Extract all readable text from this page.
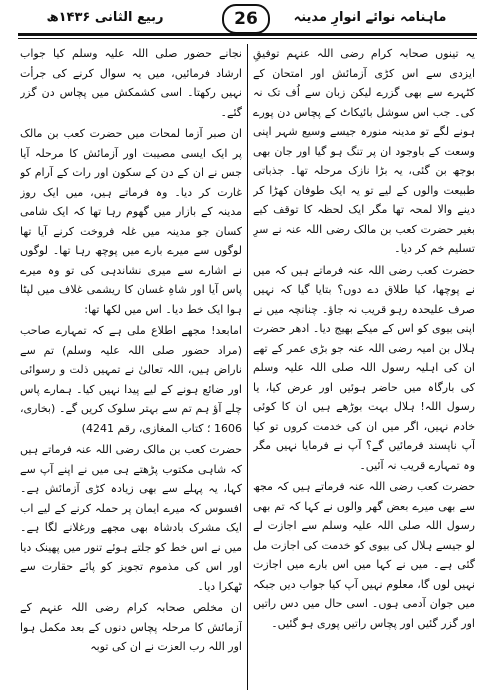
ربیع الثانی ۱۴۳۶ھ	26	ماہنامہ نوائے انوارِ مدینہ

یہ تینوں صحابہ کرام رضی اللہ عنہم توفیقِ ایزدی سے اس کڑی آزمائش اور امتحان کے کٹہرے سے بھی گزرے لیکن زبان سے اُف تک نہ کی۔ جب اس سوشل بائیکاٹ کے پچاس دن پورے ہونے لگے تو مدینہ منورہ جیسے وسیع شہر اپنی وسعت کے باوجود ان پر تنگ ہو گیا اور جان بھی بوجھ بن گئی، یہ بڑا نازک مرحلہ تھا۔ جذباتی طبیعت والوں کے لیے تو یہ ایک طوفان کھڑا کر دینے والا لمحہ تھا مگر ایک لحظہ کا توقف کیے بغیر حضرت کعب بن مالک رضی اللہ عنہ نے سرِ تسلیم خم کر دیا۔

حضرت کعب رضی اللہ عنہ فرماتے ہیں کہ میں نے پوچھا، کیا طلاق دے دوں؟ بتایا گیا کہ نہیں صرف علیحدہ رہو قریب نہ جاؤ۔ چنانچہ میں نے اپنی بیوی کو اس کے میکے بھیج دیا۔ ادھر حضرت ہلال بن امیہ رضی اللہ عنہ جو بڑی عمر کے تھے ان کی اہلیہ رسول اللہ صلی اللہ علیہ وسلم کی بارگاہ میں حاضر ہوئیں اور عرض کیا، یا رسول اللہ! ہلال بہت بوڑھے ہیں ان کا کوئی خادم نہیں، اگر میں ان کی خدمت کروں تو کیا آپ ناپسند فرمائیں گے؟ آپ نے فرمایا نہیں مگر وہ تمہارے قریب نہ آئیں۔

حضرت کعب رضی اللہ عنہ فرماتے ہیں کہ مجھ سے بھی میرے بعض گھر والوں نے کہا کہ تم بھی رسول اللہ صلی اللہ علیہ وسلم سے اجازت لے لو جیسے ہلال کی بیوی کو خدمت کی اجازت مل گئی ہے۔ میں نے کہا میں اس بارے میں اجازت نہیں لوں گا، معلوم نہیں آپ کیا جواب دیں جبکہ میں جوان آدمی ہوں۔ اسی حال میں دس راتیں اور گزر گئیں اور پچاس راتیں پوری ہو گئیں۔

نجانے حضور صلی اللہ علیہ وسلم کیا جواب ارشاد فرمائیں، میں یہ سوال کرنے کی جرأت نہیں رکھتا۔ اسی کشمکش میں پچاس دن گزر گئے۔

ان صبر آزما لمحات میں حضرت کعب بن مالک پر ایک ایسی مصیبت اور آزمائش کا مرحلہ آیا جس نے ان کے دن کے سکون اور رات کے آرام کو غارت کر دیا۔ وہ فرماتے ہیں، میں ایک روز مدینہ کے بازار میں گھوم رہا تھا کہ ایک شامی کسان جو مدینہ میں غلہ فروخت کرنے آیا تھا لوگوں سے میرے بارے میں پوچھ رہا تھا۔ لوگوں نے اشارے سے میری نشاندہی کی تو وہ میرے پاس آیا اور شاہِ غسان کا ریشمی غلاف میں لپٹا ہوا ایک خط دیا۔ اس میں لکھا تھا:

امابعد! مجھے اطلاع ملی ہے کہ تمہارے صاحب (مراد حضور صلی اللہ علیہ وسلم) تم سے ناراض ہیں، اللہ تعالیٰ نے تمہیں ذلت و رسوائی اور ضائع ہونے کے لیے پیدا نہیں کیا۔ ہمارے پاس چلے آؤ ہم تم سے بہتر سلوک کریں گے۔ (بخاری، 1606 ؛ کتاب المغازی، رقم 4241)

حضرت کعب بن مالک رضی اللہ عنہ فرماتے ہیں کہ شاہی مکتوب پڑھتے ہی میں نے اپنے آپ سے کہا، یہ پہلے سے بھی زیادہ کڑی آزمائش ہے۔ افسوس کہ میرے ایمان پر حملہ کرنے کے لیے اب ایک مشرک بادشاہ بھی مجھے ورغلانے لگا ہے۔ میں نے اس خط کو جلتے ہوئے تنور میں پھینک دیا اور اس کی مذموم تجویز کو پائے حقارت سے ٹھکرا دیا۔

ان مخلص صحابہ کرام رضی اللہ عنہم کے آزمائش کا مرحلہ پچاس دنوں کے بعد مکمل ہوا اور اللہ رب العزت نے ان کی توبہ
